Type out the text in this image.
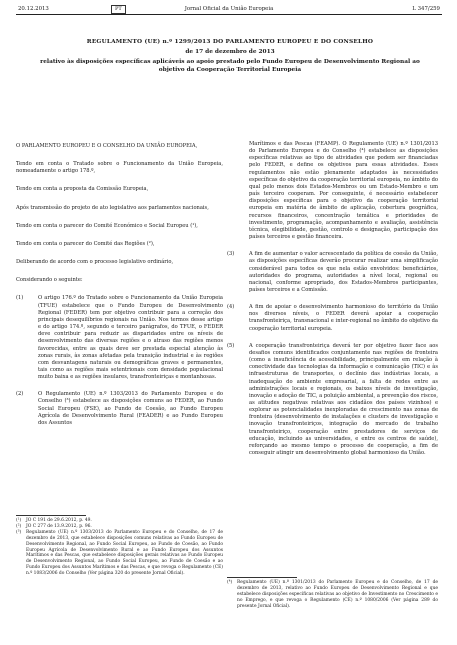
20.12.2013	PT	Jornal Oficial da União Europeia	L 347/259
REGULAMENTO (UE) n.º 1299/2013 DO PARLAMENTO EUROPEU E DO CONSELHO
de 17 de dezembro de 2013
relativo às disposições específicas aplicáveis ao apoio prestado pelo Fundo Europeu de Desenvolvimento Regional ao objetivo da Cooperação Territorial Europeia

O PARLAMENTO EUROPEU E O CONSELHO DA UNIÃO EUROPEIA,

Tendo em conta o Tratado sobre o Funcionamento da União Europeia, nomeadamente o artigo 178.º,

Tendo em conta a proposta da Comissão Europeia,

Após transmissão do projeto de ato legislativo aos parlamentos nacionais,

Tendo em conta o parecer do Comité Económico e Social Europeu (¹),

Tendo em conta o parecer do Comité das Regiões (²),

Deliberando de acordo com o processo legislativo ordinário,

Considerando o seguinte:

(1)	O artigo 176.º do Tratado sobre o Funcionamento da União Europeia (TFUE) estabelece que o Fundo Europeu de Desenvolvimento Regional (FEDER) tem por objetivo contribuir para a correção dos principais desequilíbrios regionais na União. Nos termos desse artigo e do artigo 174.º, segundo e terceiro parágrafos, do TFUE, o FEDER deve contribuir para reduzir as disparidades entre os níveis de desenvolvimento das diversas regiões e o atraso das regiões menos favorecidas, entre as quais deve ser prestada especial atenção às zonas rurais, às zonas afetadas pela transição industrial e às regiões com desvantagens naturais ou demográficas graves e permanentes, tais como as regiões mais setentrionais com densidade populacional muito baixa e as regiões insulares, transfronteiriças e montanhosas.
(2)	O Regulamento (UE) n.º 1303/2013 do Parlamento Europeu e do Conselho (³) estabelece as disposições comuns ao FEDER, ao Fundo Social Europeu (FSE), ao Fundo de Coesão, ao Fundo Europeu Agrícola de Desenvolvimento Rural (FEADER) e ao Fundo Europeu dos Assuntos
Marítimos e das Pescas (FEAMP). O Regulamento (UE) n.º 1301/2013 do Parlamento Europeu e do Conselho (⁴) estabelece as disposições específicas relativas ao tipo de atividades que podem ser financiadas pelo FEDER, e define os objetivos para essas atividades. Esses regulamentos não estão plenamente adaptados às necessidades específicas do objetivo da cooperação territorial europeia, no âmbito do qual pelo menos dois Estados-Membros ou um Estado-Membro e um país terceiro cooperam. Por conseguinte, é necessário estabelecer disposições específicas para o objetivo da cooperação territorial europeia em matéria de âmbito de aplicação, cobertura geográfica, recursos financeiros, concentração temática e prioridades de investimento, programação, acompanhamento e avaliação, assistência técnica, elegibilidade, gestão, controlo e designação, participação dos países terceiros e gestão financeira.
(3)	A fim de aumentar o valor acrescentado da política de coesão da União, as disposições específicas deverão procurar realizar uma simplificação considerável para todos os que nela estão envolvidos: beneficiários, autoridades do programa, autoridades a nível local, regional ou nacional, conforme apropriado, dos Estados-Membros participantes, países terceiros e a Comissão.
(4)	A fim de apoiar o desenvolvimento harmonioso do território da União nos diversos níveis, o FEDER deverá apoiar a cooperação transfronteiriça, transnacional e inter-regional no âmbito do objetivo da cooperação territorial europeia.
(5)	A cooperação transfronteiriça deverá ter por objetivo fazer face aos desafios comuns identificados conjuntamente nas regiões de fronteira (como a insuficiência de acessibilidade, principalmente em relação à conectividade das tecnologias da informação e comunicação (TIC) e às infraestruturas de transportes, o declínio das indústrias locais, a inadequação do ambiente empresarial, a falta de redes entre as administrações locais e regionais, os baixos níveis de investigação, inovação e adoção de TIC, a poluição ambiental, a prevenção dos riscos, as atitudes negativas relativas aos cidadãos dos países vizinhos) e explorar as potencialidades inexploradas de crescimento nas zonas de fronteira (desenvolvimento de instalações e clusters de investigação e inovação transfronteiriços, integração do mercado de trabalho transfronteiriço, cooperação entre prestadores de serviços de educação, incluindo as universidades, e entre os centros de saúde), reforçando ao mesmo tempo o processo de cooperação, a fim de conseguir atingir um desenvolvimento global harmonioso da União.
(¹) JO C 191 de 29.6.2012, p. 49.
(²) JO C 277 de 13.9.2012, p. 96.
(³) Regulamento (UE) n.º 1303/2013 do Parlamento Europeu e do Conselho, de 17 de dezembro de 2013, que estabelece disposições comuns relativas ao Fundo Europeu de Desenvolvimento Regional, ao Fundo Social Europeu, ao Fundo de Coesão, ao Fundo Europeu Agrícola de Desenvolvimento Rural e ao Fundo Europeu dos Assuntos Marítimos e das Pescas, que estabelece disposições gerais relativas ao Fundo Europeu de Desenvolvimento Regional, ao Fundo Social Europeu, ao Fundo de Coesão e ao Fundo Europeu dos Assuntos Marítimos e das Pescas, e que revoga o Regulamento (CE) n.º 1083/2006 do Conselho (Ver página 320 do presente Jornal Oficial).
(⁴) Regulamento (UE) n.º 1301/2013 do Parlamento Europeu e do Conselho, de 17 de dezembro de 2013, relativo ao Fundo Europeu de Desenvolvimento Regional e que estabelece disposições específicas relativas ao objetivo de Investimento no Crescimento e no Emprego, e que revoga o Regulamento (CE) n.º 1080/2006 (Ver página 289 do presente Jornal Oficial).
